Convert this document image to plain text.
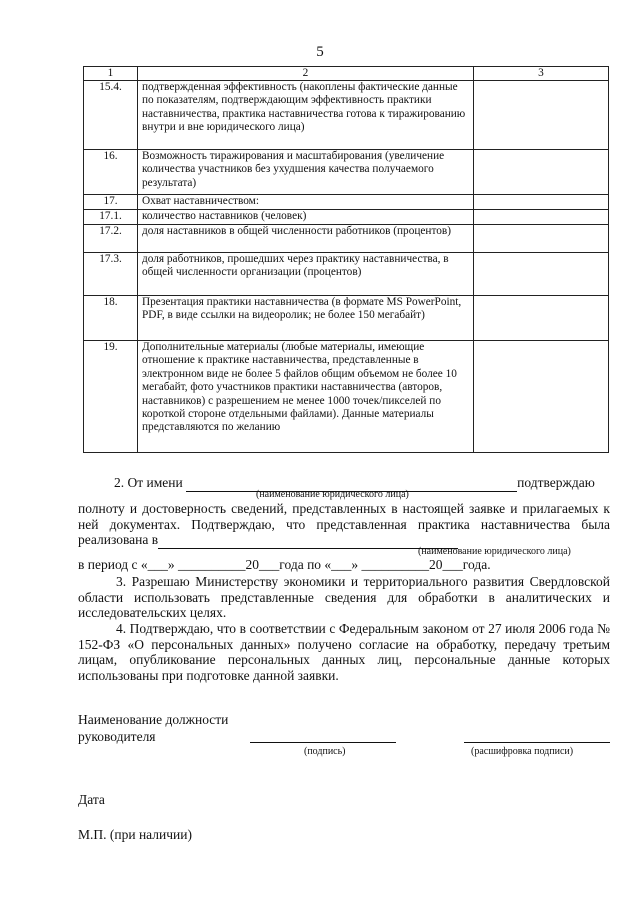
5
1	2	3
15.4.	подтвержденная эффективность (накоплены фактические данные по показателям, подтверждающим эффективность практики наставничества, практика наставничества готова к тиражированию внутри и вне юридического лица)	
16.	Возможность тиражирования и масштабирования (увеличение количества участников без ухудшения качества получаемого результата)	
17.	Охват наставничеством:	
17.1.	количество наставников (человек)	
17.2.	доля наставников в общей численности работников (процентов)	
17.3.	доля работников, прошедших через практику наставничества, в общей численности организации (процентов)	
18.	Презентация практики наставничества (в формате MS PowerPoint, PDF, в виде ссылки на видеоролик; не более 150 мегабайт)	
19.	Дополнительные материалы (любые материалы, имеющие отношение к практике наставничества, представленные в электронном виде не более 5 файлов общим объемом не более 10 мегабайт, фото участников практики наставничества (авторов, наставников) с разрешением не менее 1000 точек/пикселей по короткой стороне отдельными файлами). Данные материалы представляются по желанию	
2. От имени	подтверждаю
(наименование юридического лица)
полноту и достоверность сведений, представленных в настоящей заявке и прилагаемых к ней документах. Подтверждаю, что представленная практика наставничества была реализована в
(наименование юридического лица)
в период с «___» __________20___года по «___» __________20___года.
3. Разрешаю Министерству экономики и территориального развития Свердловской области использовать представленные сведения для обработки в аналитических и исследовательских целях.
4. Подтверждаю, что в соответствии с Федеральным законом от 27 июля 2006 года № 152-ФЗ «О персональных данных» получено согласие на обработку, передачу третьим лицам, опубликование персональных данных лиц, персональные данные которых использованы при подготовке данной заявки.
Наименование должности
руководителя
(подпись)	(расшифровка подписи)
Дата
М.П. (при наличии)
